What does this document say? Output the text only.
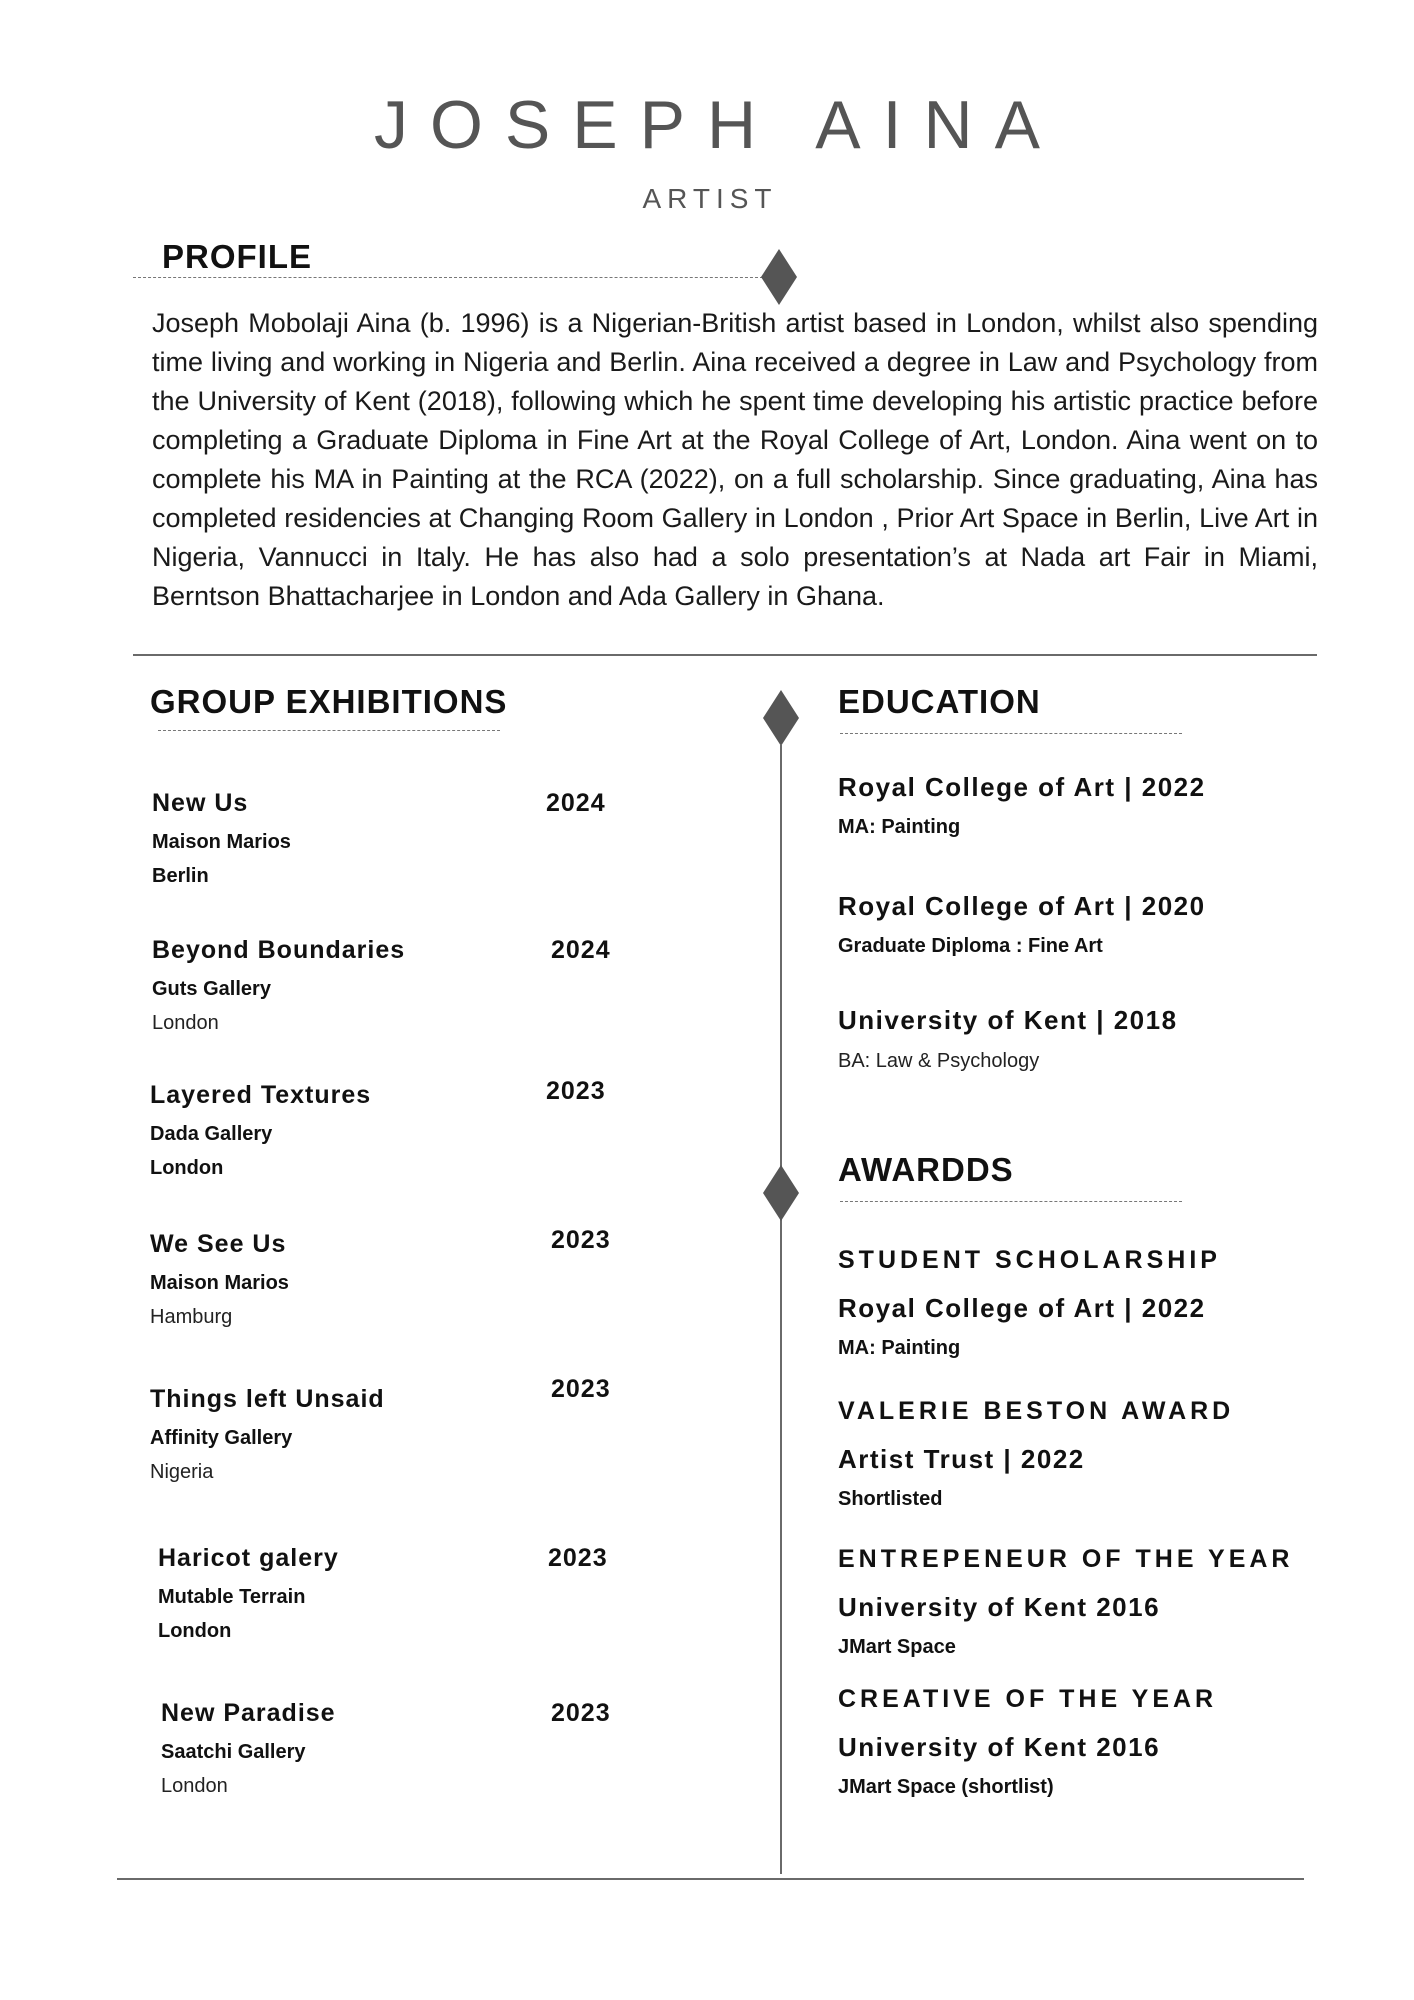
JOSEPH AINA
ARTIST
PROFILE
Joseph Mobolaji Aina (b. 1996) is a Nigerian-British artist based in London, whilst also spending time living and working in Nigeria and Berlin. Aina received a degree in Law and Psychology from the University of Kent (2018), following which he spent time developing his artistic practice before completing a Graduate Diploma in Fine Art at the Royal College of Art, London. Aina went on to complete his MA in Painting at the RCA (2022), on a full scholarship. Since graduating, Aina has completed residencies at Changing Room Gallery in London , Prior Art Space in Berlin, Live Art in Nigeria, Vannucci in Italy. He has also had a solo presentation’s at Nada art Fair in Miami, Berntson Bhattacharjee in London and Ada Gallery in Ghana.
GROUP EXHIBITIONS
New Us	2024
Maison Marios
Berlin
Beyond Boundaries	2024
Guts Gallery
London
Layered Textures	2023
Dada Gallery
London
We See Us	2023
Maison Marios
Hamburg
Things left Unsaid	2023
Affinity Gallery
Nigeria
Haricot galery	2023
Mutable Terrain
London
New Paradise	2023
Saatchi Gallery
London
EDUCATION
Royal College of Art | 2022
MA: Painting
Royal College of Art | 2020
Graduate Diploma : Fine Art
University of Kent | 2018
BA: Law & Psychology
AWARDDS
STUDENT SCHOLARSHIP
Royal College of Art | 2022
MA: Painting
VALERIE BESTON AWARD
Artist Trust | 2022
Shortlisted
ENTREPENEUR OF THE YEAR
University of Kent 2016
JMart Space
CREATIVE OF THE YEAR
University of Kent 2016
JMart Space (shortlist)
